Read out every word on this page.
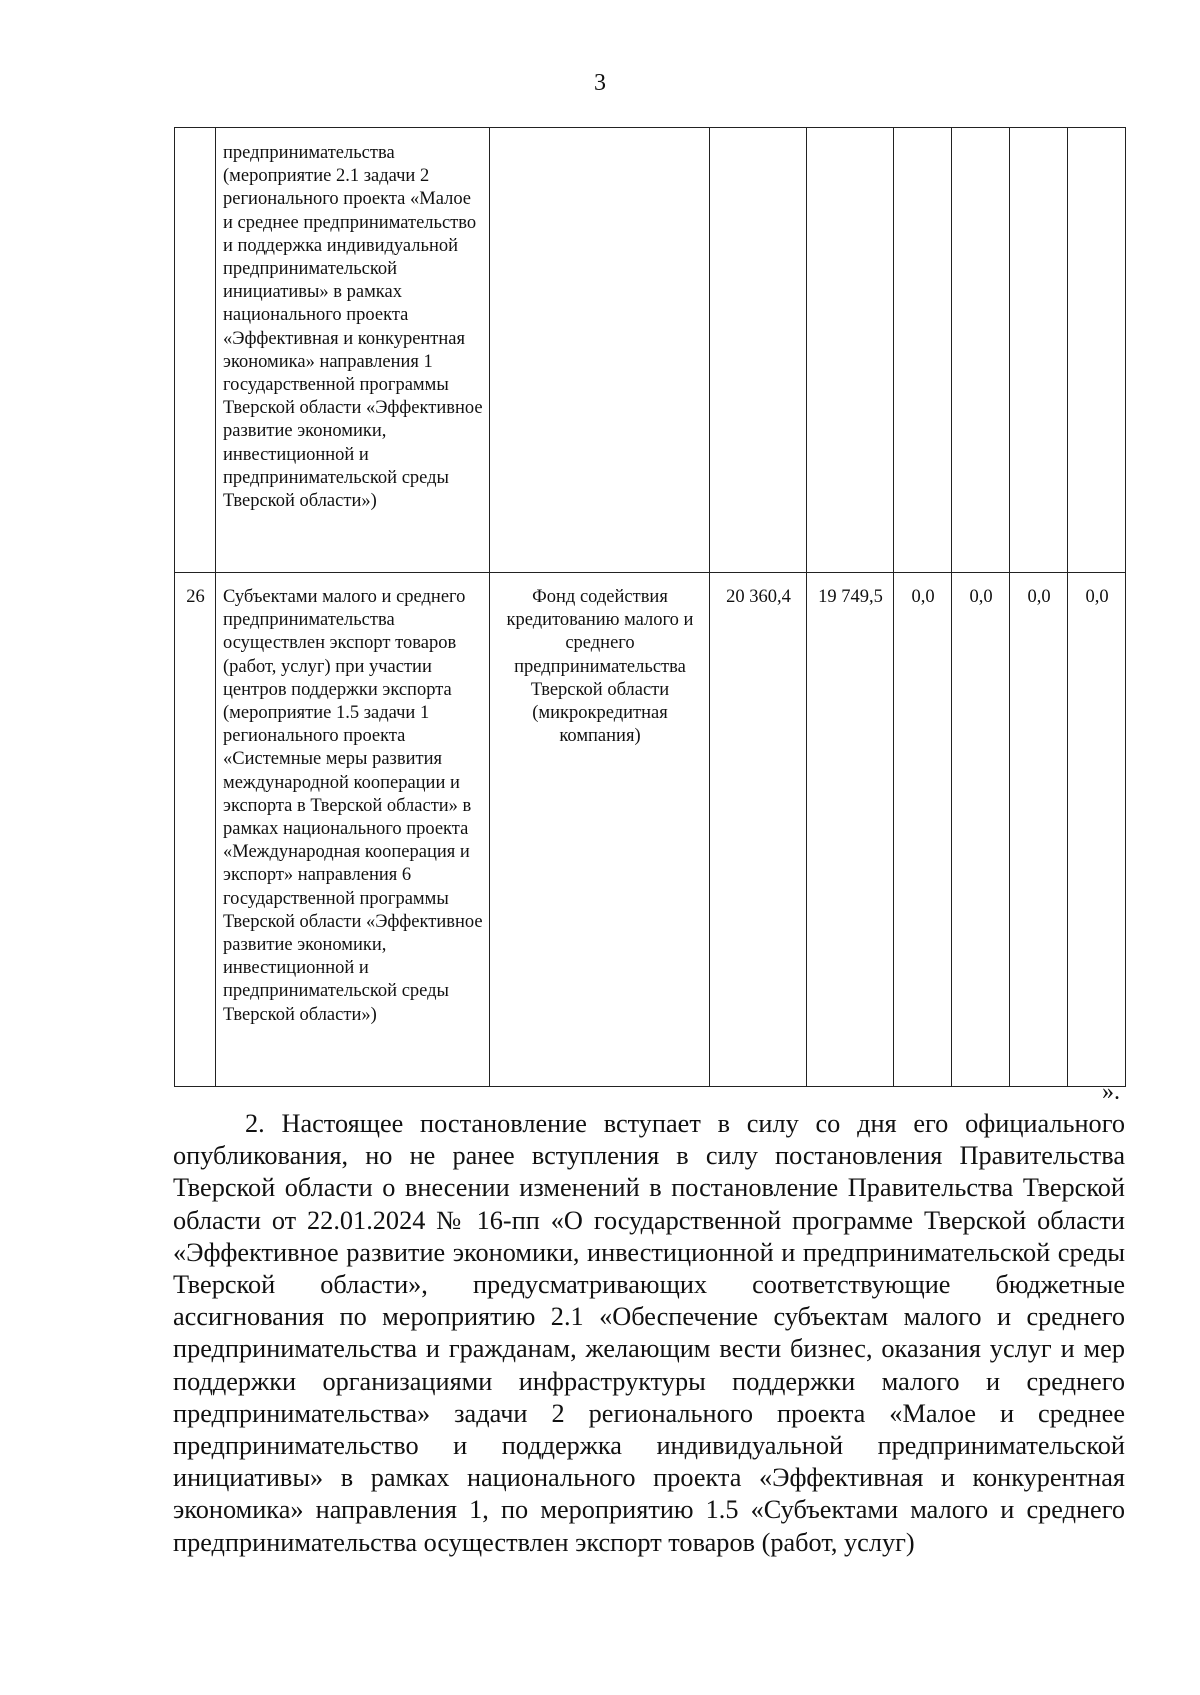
3
	предпринимательства (мероприятие 2.1 задачи 2 регионального проекта «Малое и среднее предпринимательство и поддержка индивидуальной предпринимательской инициативы» в рамках национального проекта «Эффективная и конкурентная экономика» направления 1 государственной программы Тверской области «Эффективное развитие экономики, инвестиционной и предпринимательской среды Тверской области»)							
26	Субъектами малого и среднего предпринимательства осуществлен экспорт товаров (работ, услуг) при участии центров поддержки экспорта (мероприятие 1.5 задачи 1 регионального проекта «Системные меры развития международной кооперации и экспорта в Тверской области» в рамках национального проекта «Международная кооперация и экспорт» направления 6 государственной программы Тверской области «Эффективное развитие экономики, инвестиционной и предпринимательской среды Тверской области»)	Фонд содействия кредитованию малого и среднего предпринимательства Тверской области (микрокредитная компания)	20 360,4	19 749,5	0,0	0,0	0,0	0,0
».

2. Настоящее постановление вступает в силу со дня его официального опубликования, но не ранее вступления в силу постановления Правительства Тверской области о внесении изменений в постановление Правительства Тверской области от 22.01.2024 № 16-пп «О государственной программе Тверской области «Эффективное развитие экономики, инвестиционной и предпринимательской среды Тверской области», предусматривающих соответствующие бюджетные ассигнования по мероприятию 2.1 «Обеспечение субъектам малого и среднего предпринимательства и гражданам, желающим вести бизнес, оказания услуг и мер поддержки организациями инфраструктуры поддержки малого и среднего предпринимательства» задачи 2 регионального проекта «Малое и среднее предпринимательство и поддержка индивидуальной предпринимательской инициативы» в рамках национального проекта «Эффективная и конкурентная экономика» направления 1, по мероприятию 1.5 «Субъектами малого и среднего предпринимательства осуществлен экспорт товаров (работ, услуг)
